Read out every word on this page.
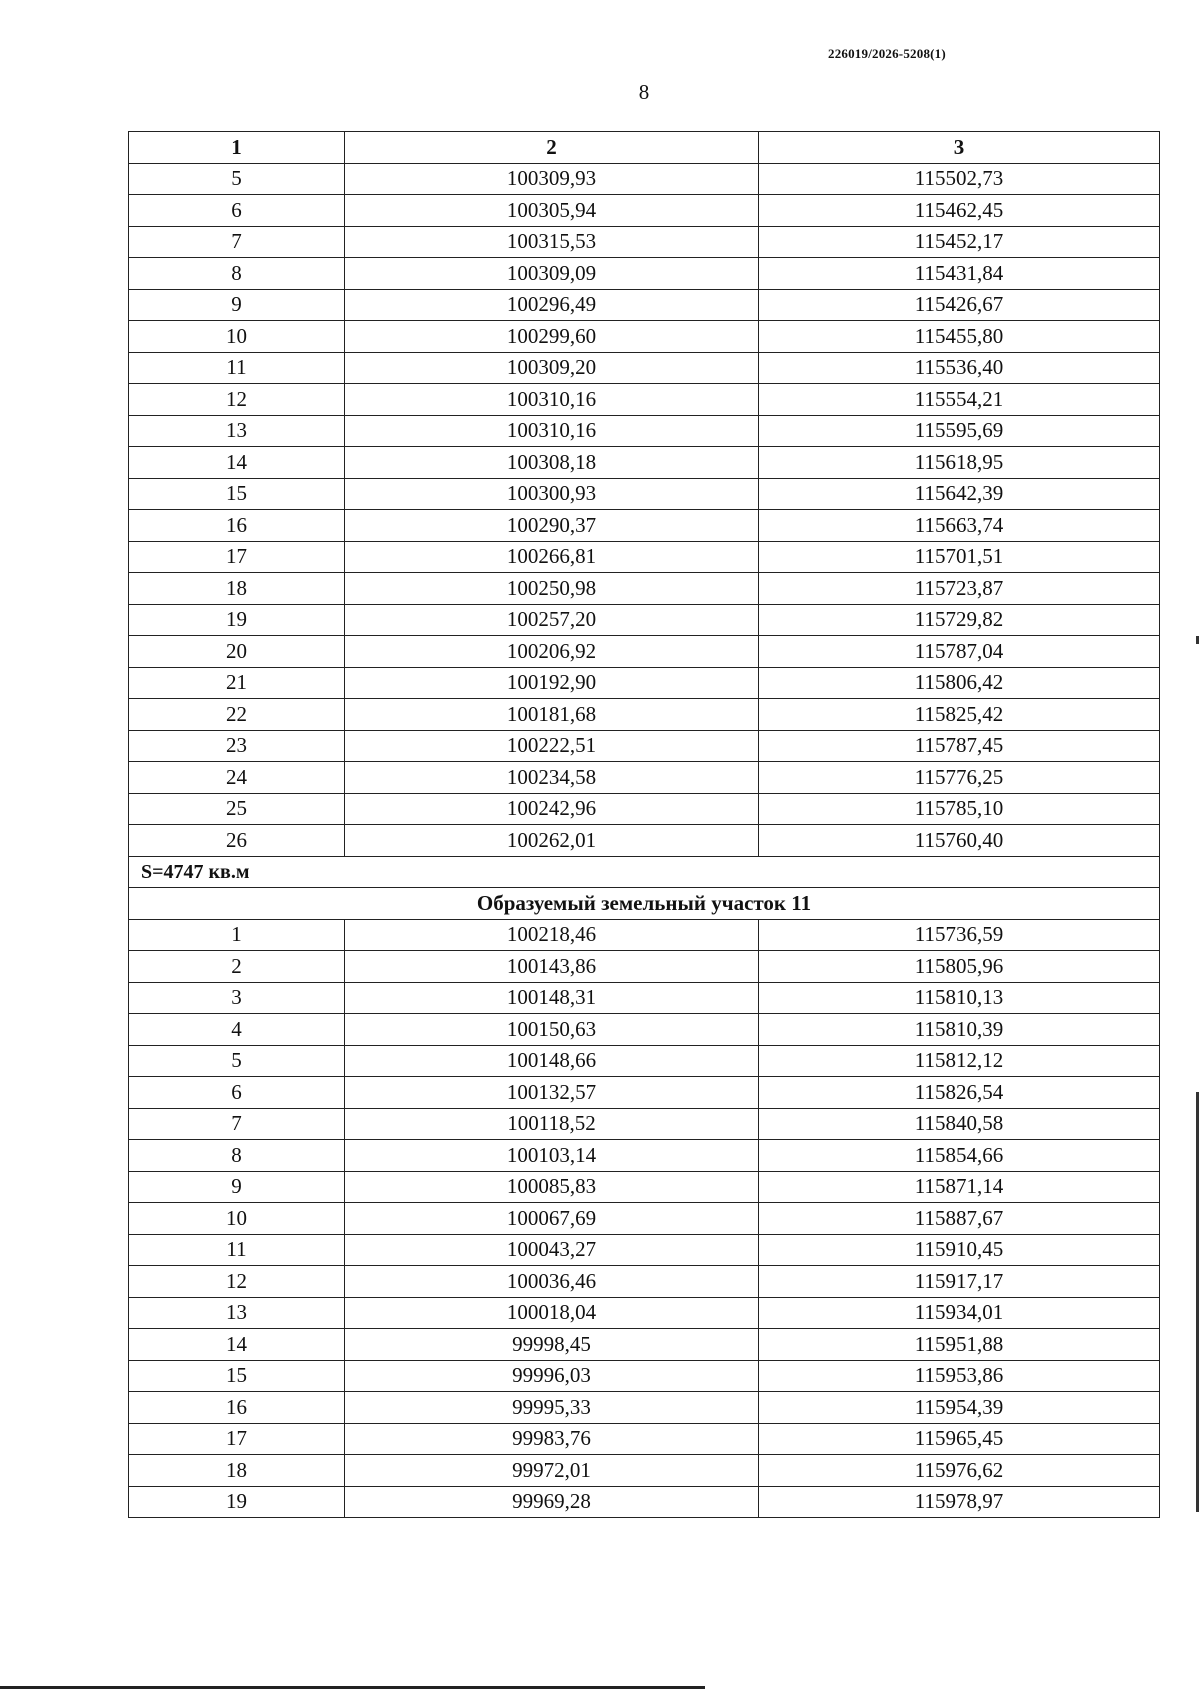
226019/2026-5208(1)
8
1	2	3
5	100309,93	115502,73
6	100305,94	115462,45
7	100315,53	115452,17
8	100309,09	115431,84
9	100296,49	115426,67
10	100299,60	115455,80
11	100309,20	115536,40
12	100310,16	115554,21
13	100310,16	115595,69
14	100308,18	115618,95
15	100300,93	115642,39
16	100290,37	115663,74
17	100266,81	115701,51
18	100250,98	115723,87
19	100257,20	115729,82
20	100206,92	115787,04
21	100192,90	115806,42
22	100181,68	115825,42
23	100222,51	115787,45
24	100234,58	115776,25
25	100242,96	115785,10
26	100262,01	115760,40
S=4747 кв.м		
Образуемый земельный участок 11		
1	100218,46	115736,59
2	100143,86	115805,96
3	100148,31	115810,13
4	100150,63	115810,39
5	100148,66	115812,12
6	100132,57	115826,54
7	100118,52	115840,58
8	100103,14	115854,66
9	100085,83	115871,14
10	100067,69	115887,67
11	100043,27	115910,45
12	100036,46	115917,17
13	100018,04	115934,01
14	99998,45	115951,88
15	99996,03	115953,86
16	99995,33	115954,39
17	99983,76	115965,45
18	99972,01	115976,62
19	99969,28	115978,97
